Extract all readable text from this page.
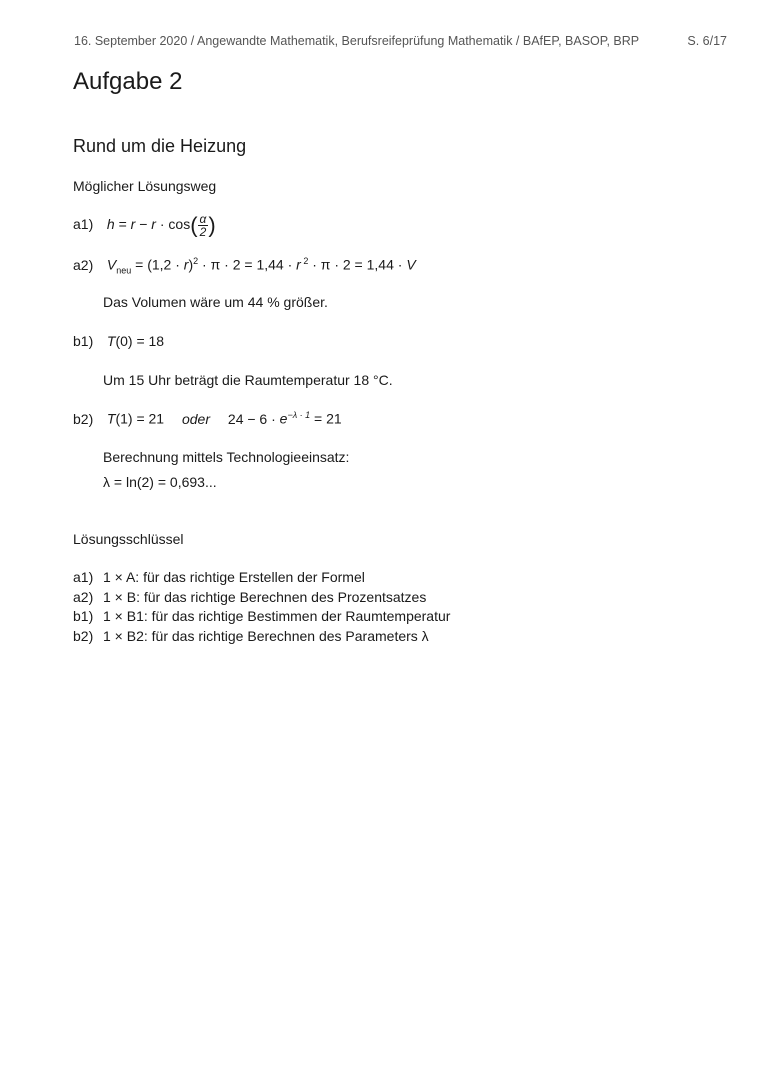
16. September 2020 / Angewandte Mathematik, Berufsreifeprüfung Mathematik / BAfEP, BASOP, BRP	S. 6/17
Aufgabe 2
Rund um die Heizung
Möglicher Lösungsweg
a1) $h = r - r \cdot \cos( \frac{\alpha}{2}$ )
a2) $V_{neu} = (1,2 \cdot r)^2 \cdot \pi \cdot 2 = 1,44 \cdot r$ $^2$ · π · 2 = 1,44 · V
Das Volumen wäre um 44 % größer.
b1) T(0) = 18
Um 15 Uhr beträgt die Raumtemperatur 18 °C.
b2) T(1) = 21 oder $24 - 6 \cdot e^{-\lambda \cdot 1} = 21$
Berechnung mittels Technologieeinsatz:
λ = ln(2) = 0,693...
Lösungsschlüssel
a1) 1 × A: für das richtige Erstellen der Formel
a2) 1 × B: für das richtige Berechnen des Prozentsatzes
b1) 1 × B1: für das richtige Bestimmen der Raumtemperatur
b2) 1 × B2: für das richtige Berechnen des Parameters λ
